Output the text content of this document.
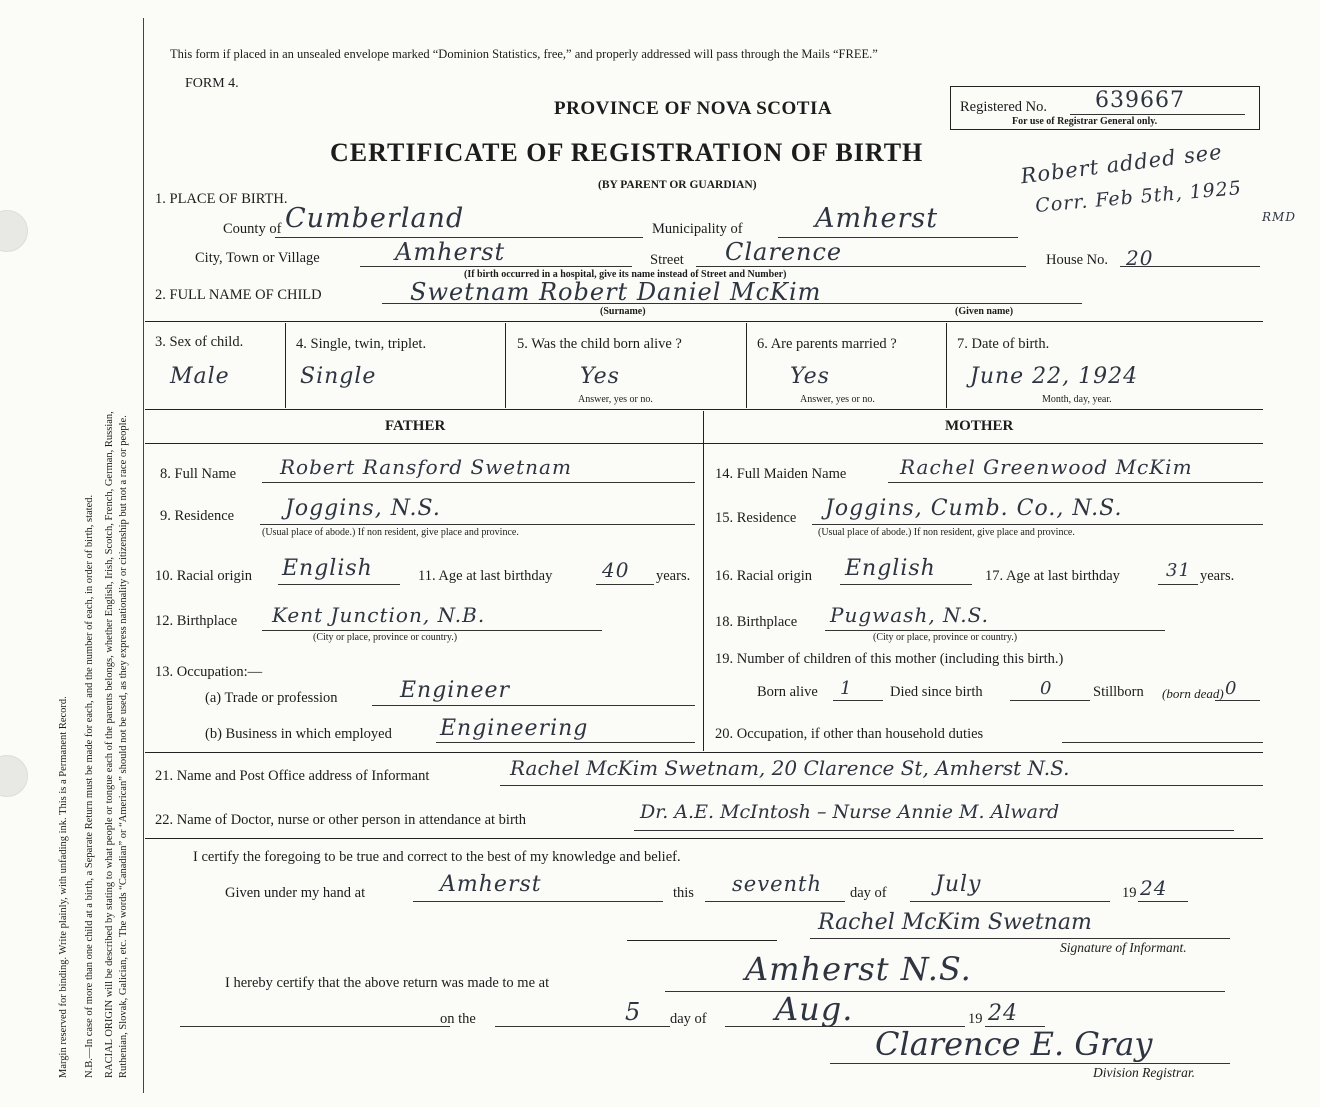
Margin reserved for binding. Write plainly, with unfading ink. This is a Permanent Record. N.B.—In case of more than one child at a birth, a Separate Return must be made for each, and the number of each, in order of birth, stated. RACIAL ORIGIN will be described by stating to what people or tongue each of the parents belongs, whether English, Irish, Scotch, French, German, Russian, Ruthenian, Slovak, Galician, etc. The words “Canadian” or “American” should not be used, as they express nationality or citizenship but not a race or people.
This form if placed in an unsealed envelope marked “Dominion Statistics, free,” and properly addressed will pass through the Mails “FREE.”
FORM 4.
PROVINCE OF NOVA SCOTIA
CERTIFICATE OF REGISTRATION OF BIRTH
(BY PARENT OR GUARDIAN)
Registered No. 639667
For use of Registrar General only.
Robert added see
Corr. Feb 5th, 1925
RMD
1. PLACE OF BIRTH.
County of Cumberland	Municipality of	Amherst
City, Town or Village	Amherst	Street Clarence	House No. 20
(If birth occurred in a hospital, give its name instead of Street and Number)
2. FULL NAME OF CHILD	Swetnam Robert Daniel McKim
(Surname)	(Given name)
3. Sex of child.
Male
4. Single, twin, triplet.
Single
5. Was the child born alive ?
Yes
Answer, yes or no.
6. Are parents married ?
Yes
Answer, yes or no.
7. Date of birth.
June 22, 1924
Month, day, year.
FATHER	MOTHER
8. Full Name Robert Ransford Swetnam
9. Residence Joggins, N.S.
(Usual place of abode.) If non resident, give place and province.
10. Racial origin English	11. Age at last birthday 40 years.
12. Birthplace Kent Junction, N.B.
(City or place, province or country.)
13. Occupation:—
(a) Trade or profession	Engineer
(b) Business in which employed Engineering
14. Full Maiden Name	Rachel Greenwood McKim
15. Residence Joggins, Cumb. Co., N.S.
(Usual place of abode.) If non resident, give place and province.
16. Racial origin English	17. Age at last birthday	31 years.
18. Birthplace Pugwash, N.S.
(City or place, province or country.)
19. Number of children of this mother (including this birth.)
Born alive 1	Died since birth	0	Stillborn (born dead) 0
20. Occupation, if other than household duties
21. Name and Post Office address of Informant	Rachel McKim Swetnam, 20 Clarence St, Amherst N.S.
22. Name of Doctor, nurse or other person in attendance at birth	Dr. A.E. McIntosh – Nurse Annie M. Alward
I certify the foregoing to be true and correct to the best of my knowledge and belief.
Given under my hand at	Amherst	this seventh day of July	19 24
Rachel McKim Swetnam
Signature of Informant.
I hereby certify that the above return was made to me at	Amherst N.S.
on the	5 day of Aug.	19 24
Clarence E. Gray
Division Registrar.
